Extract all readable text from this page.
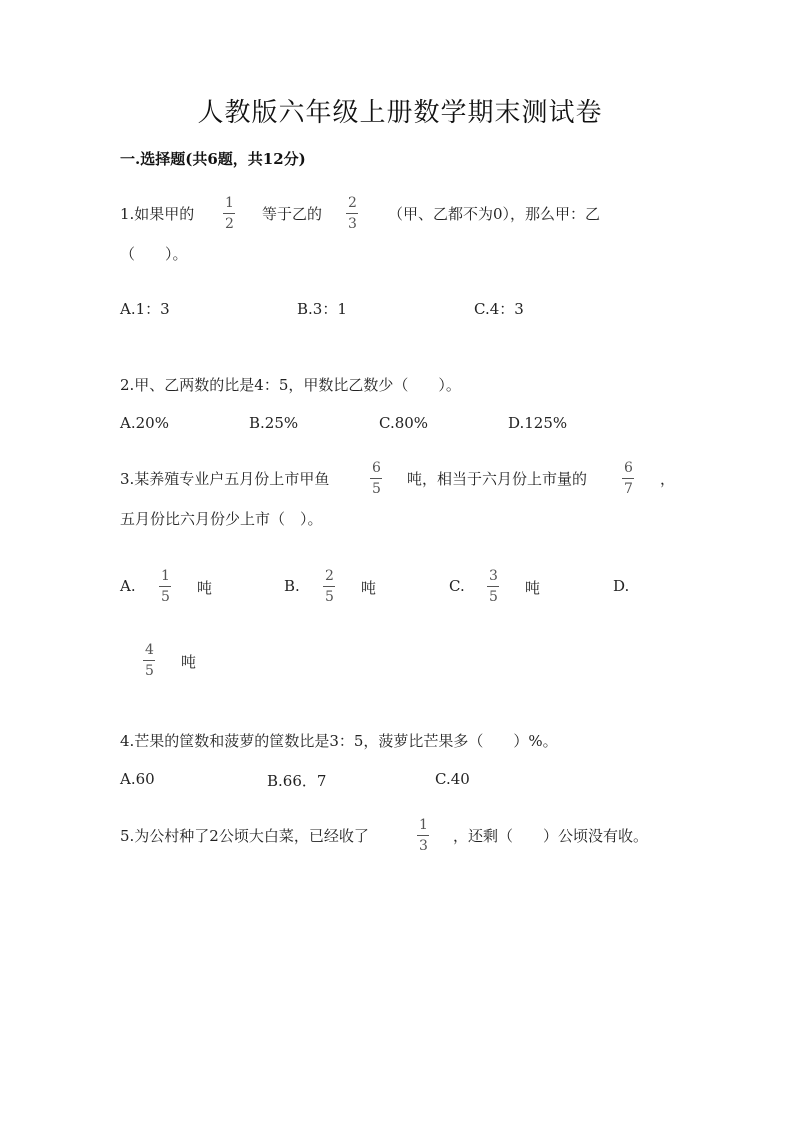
人教版六年级上册数学期末测试卷
一.选择题(共6题，共12分)
1.如果甲的
1
2
等于乙的
2
3
（甲、乙都不为0），那么甲：乙
（　　）。
A.1：3	B.3：1	C.4：3
2.甲、乙两数的比是4：5，甲数比乙数少（　　）。
A.20%	B.25%	C.80%	D.125%
3.某养殖专业户五月份上市甲鱼
6
5
吨，相当于六月份上市量的
6
7
，
五月份比六月份少上市（　）。
A.
1
5 吨	B.
2
5 吨	C.
3
5 吨	D.
4
5 吨
4.芒果的筐数和菠萝的筐数比是3：5，菠萝比芒果多（　　）%。
A.60	B.66．7	C.40
5.为公村种了2公顷大白菜，已经收了
1
3
，还剩（　　）公顷没有收。
